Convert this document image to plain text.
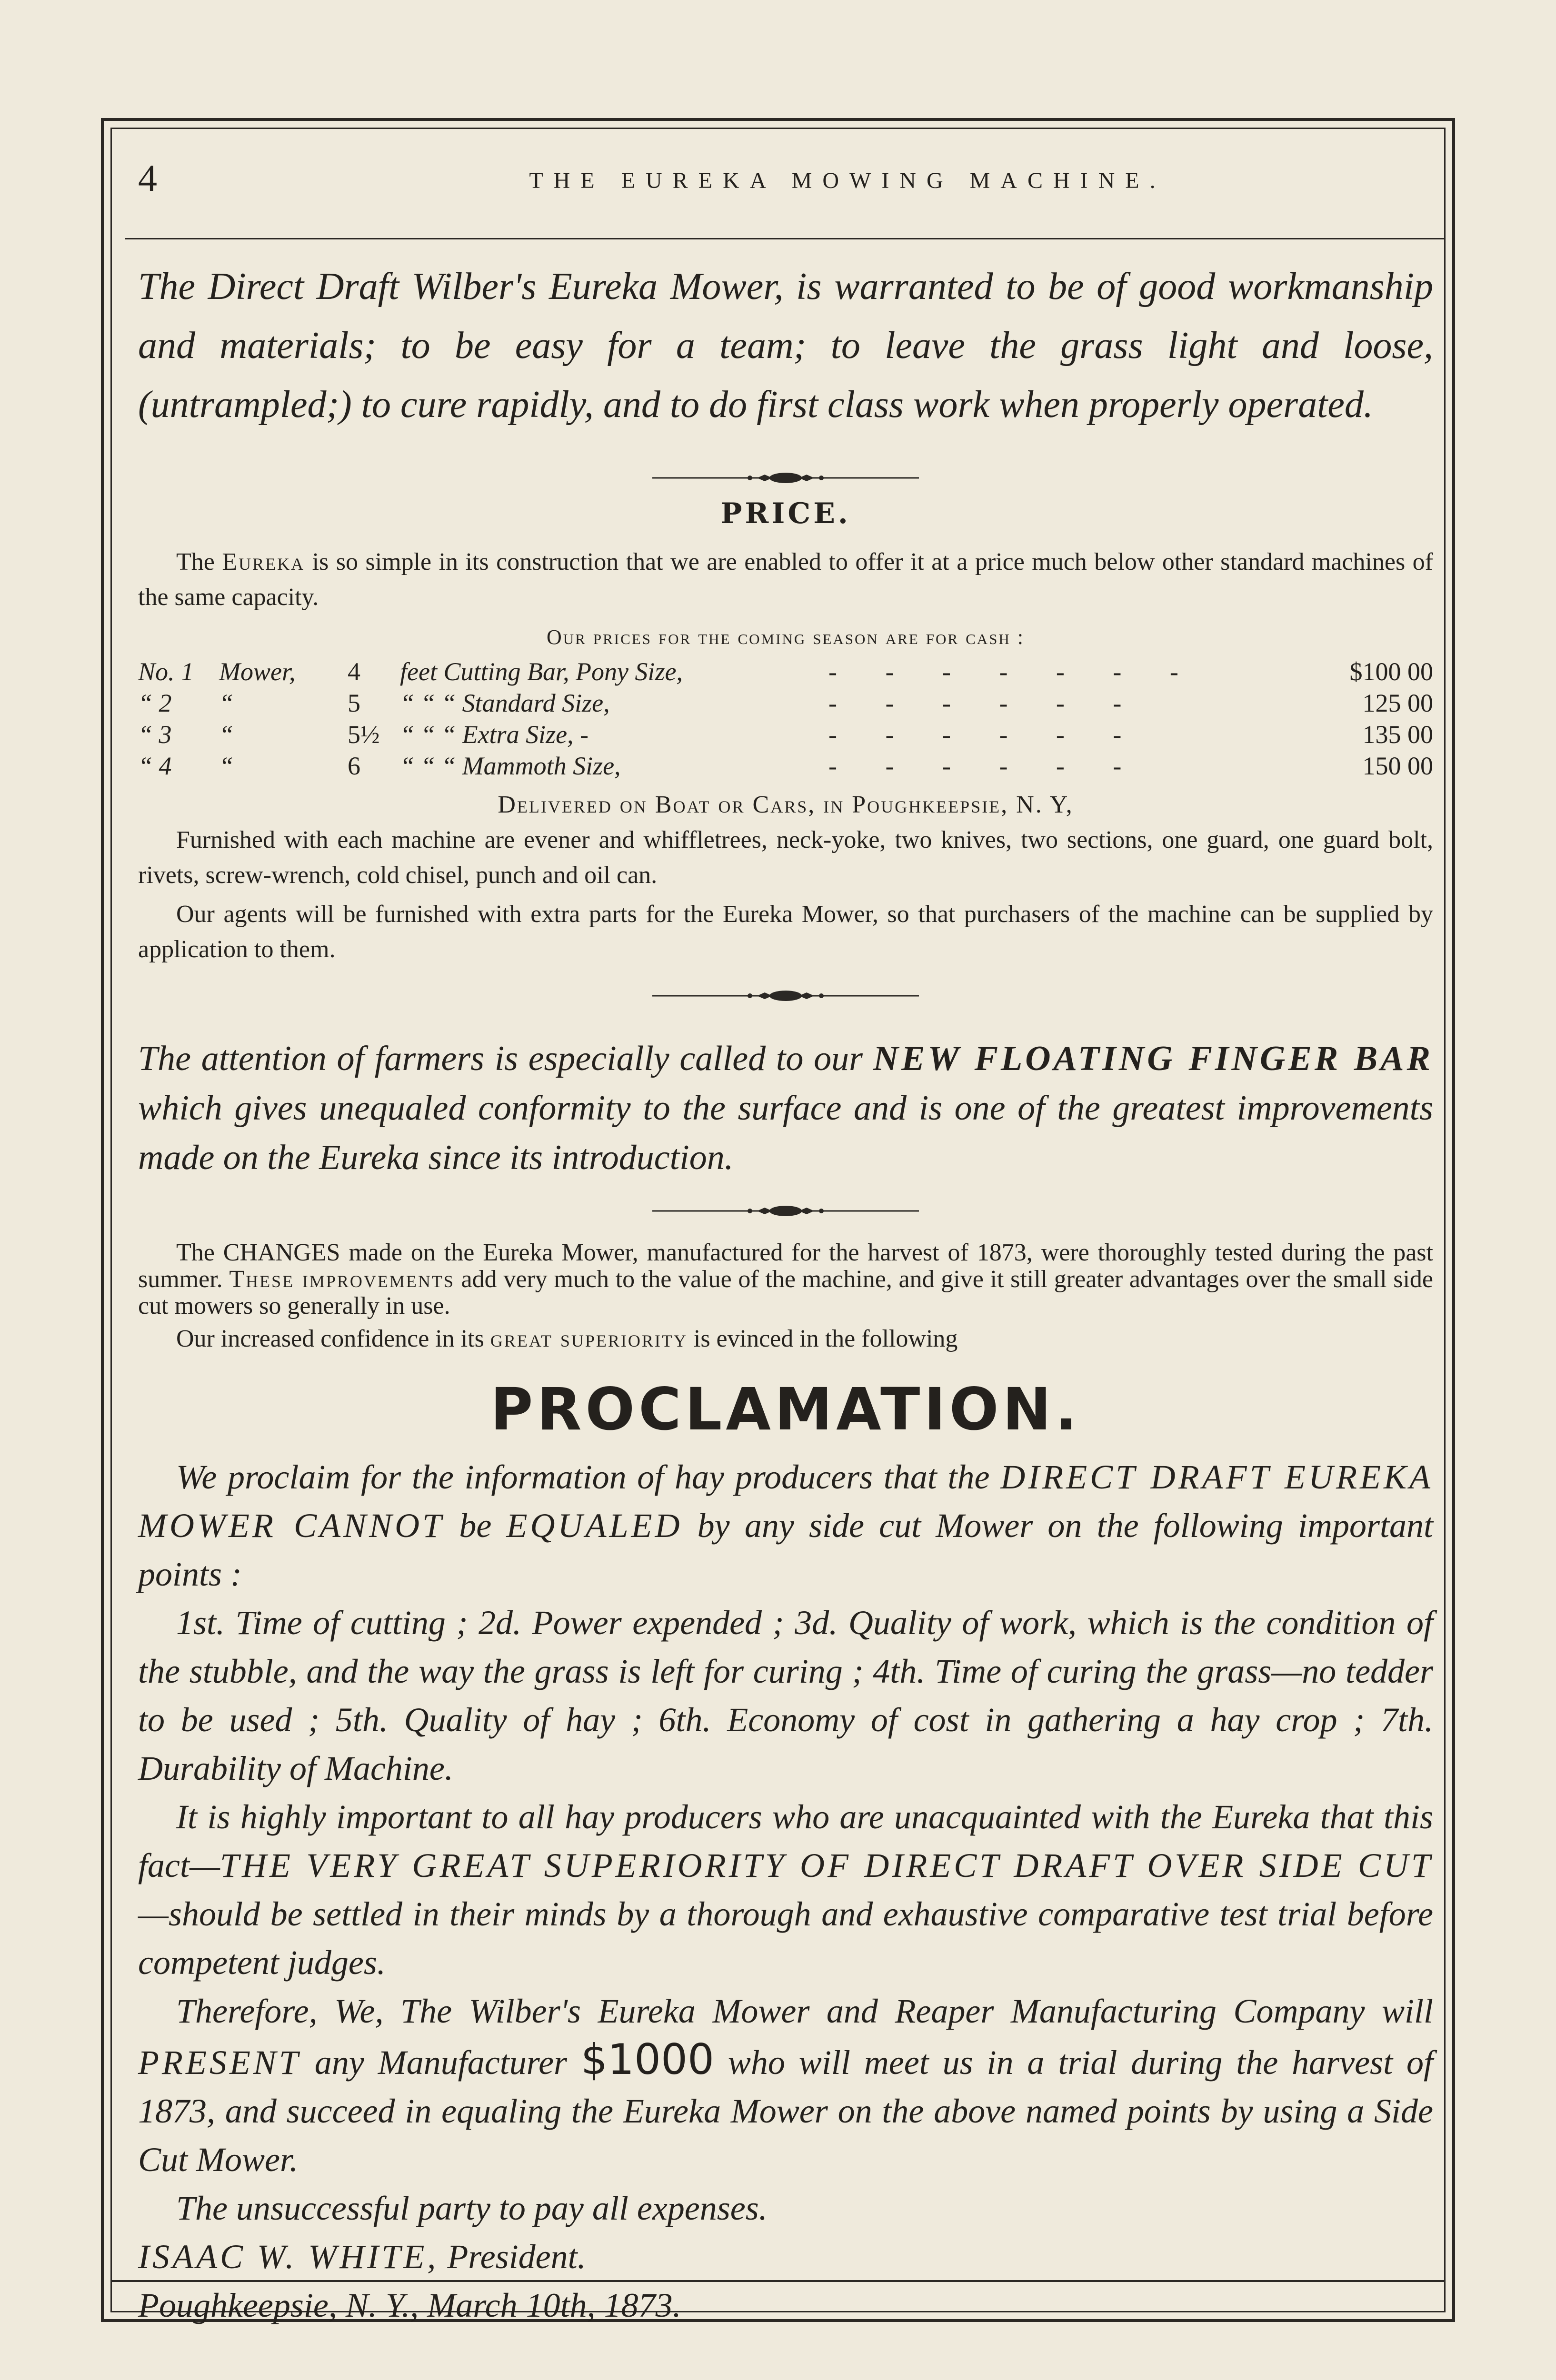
4	THE EUREKA MOWING MACHINE.

The Direct Draft Wilber's Eureka Mower, is warranted to be of good workmanship and materials; to be easy for a team; to leave the grass light and loose, (untrampled;) to cure rapidly, and to do first class work when properly operated.

PRICE.

The Eureka is so simple in its construction that we are enabled to offer it at a price much below other standard machines of the same capacity.

Our prices for the coming season are for cash :

No. 1	Mower,	4	feet Cutting Bar, Pony Size,	- - - - - - -	$100 00
“ 2	“	5	“ “ “ Standard Size,	- - - - - -	125 00
“ 3	“	5½	“ “ “ Extra Size, -	- - - - - -	135 00
“ 4	“	6	“ “ “ Mammoth Size,	- - - - - -	150 00

Delivered on Boat or Cars, in Poughkeepsie, N. Y,

Furnished with each machine are evener and whiffletrees, neck-yoke, two knives, two sections, one guard, one guard bolt, rivets, screw-wrench, cold chisel, punch and oil can.

Our agents will be furnished with extra parts for the Eureka Mower, so that purchasers of the machine can be supplied by application to them.

The attention of farmers is especially called to our NEW FLOATING FINGER BAR which gives unequaled conformity to the surface and is one of the greatest improvements made on the Eureka since its introduction.

The CHANGES made on the Eureka Mower, manufactured for the harvest of 1873, were thoroughly tested during the past summer. These improvements add very much to the value of the machine, and give it still greater advantages over the small side cut mowers so generally in use.

Our increased confidence in its great superiority is evinced in the following

PROCLAMATION.

We proclaim for the information of hay producers that the DIRECT DRAFT EUREKA MOWER CANNOT be EQUALED by any side cut Mower on the following important points :

1st. Time of cutting ; 2d. Power expended ; 3d. Quality of work, which is the condition of the stubble, and the way the grass is left for curing ; 4th. Time of curing the grass—no tedder to be used ; 5th. Quality of hay ; 6th. Economy of cost in gathering a hay crop ; 7th. Durability of Machine.

It is highly important to all hay producers who are unacquainted with the Eureka that this fact—THE VERY GREAT SUPERIORITY OF DIRECT DRAFT OVER SIDE CUT—should be settled in their minds by a thorough and exhaustive comparative test trial before competent judges.

Therefore, We, The Wilber's Eureka Mower and Reaper Manufacturing Company will PRESENT any Manufacturer $1000 who will meet us in a trial during the harvest of 1873, and succeed in equaling the Eureka Mower on the above named points by using a Side Cut Mower.

The unsuccessful party to pay all expenses.

ISAAC W. WHITE, President.

Poughkeepsie, N. Y., March 10th, 1873.
